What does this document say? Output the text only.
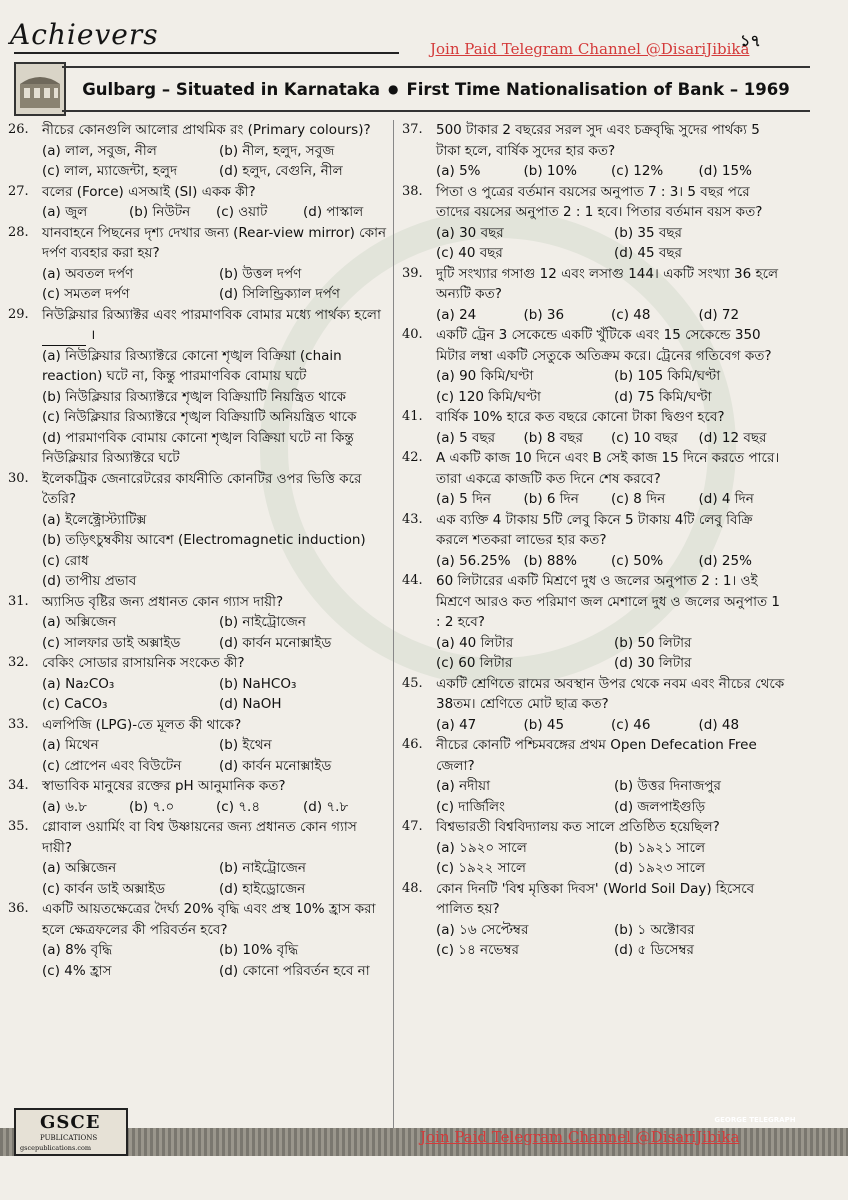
Achievers	Join Paid Telegram Channel @DisariJibika
১৭
Gulbarg – Situated in Karnataka ● First Time Nationalisation of Bank – 1969
26. নীচের কোনগুলি আলোর প্রাথমিক রং (Primary colours)?
(a) লাল, সবুজ, নীল	(b) নীল, হলুদ, সবুজ
(c) লাল, ম্যাজেন্টা, হলুদ	(d) হলুদ, বেগুনি, নীল
27. বলের (Force) এসআই (SI) একক কী?
(a) জুল	(b) নিউটন	(c) ওয়াট	(d) পাস্কাল
28. যানবাহনে পিছনের দৃশ্য দেখার জন্য (Rear-view mirror) কোন দর্পণ ব্যবহার করা হয়?
(a) অবতল দর্পণ	(b) উত্তল দর্পণ
(c) সমতল দর্পণ	(d) সিলিন্ড্রিক্যাল দর্পণ
29. নিউক্লিয়ার রিঅ্যাক্টর এবং পারমাণবিক বোমার মধ্যে পার্থক্য হলো
।
(a) নিউক্লিয়ার রিঅ্যাক্টরে কোনো শৃঙ্খল বিক্রিয়া (chain reaction) ঘটে না, কিন্তু পারমাণবিক বোমায় ঘটে
(b) নিউক্লিয়ার রিঅ্যাক্টরে শৃঙ্খল বিক্রিয়াটি নিয়ন্ত্রিত থাকে
(c) নিউক্লিয়ার রিঅ্যাক্টরে শৃঙ্খল বিক্রিয়াটি অনিয়ন্ত্রিত থাকে
(d) পারমাণবিক বোমায় কোনো শৃঙ্খল বিক্রিয়া ঘটে না কিন্তু নিউক্লিয়ার রিঅ্যাক্টরে ঘটে
30. ইলেকট্রিক জেনারেটরের কার্যনীতি কোনটির ওপর ভিত্তি করে তৈরি?
(a) ইলেক্ট্রোস্ট্যাটিক্স
(b) তড়িৎচুম্বকীয় আবেশ (Electromagnetic induction)
(c) রোধ
(d) তাপীয় প্রভাব
31. অ্যাসিড বৃষ্টির জন্য প্রধানত কোন গ্যাস দায়ী?
(a) অক্সিজেন	(b) নাইট্রোজেন
(c) সালফার ডাই অক্সাইড	(d) কার্বন মনোক্সাইড
32. বেকিং সোডার রাসায়নিক সংকেত কী?
(a) Na₂CO₃	(b) NaHCO₃
(c) CaCO₃	(d) NaOH
33. এলপিজি (LPG)-তে মূলত কী থাকে?
(a) মিথেন	(b) ইথেন
(c) প্রোপেন এবং বিউটেন	(d) কার্বন মনোক্সাইড
34. স্বাভাবিক মানুষের রক্তের pH আনুমানিক কত?
(a) ৬.৮	(b) ৭.০	(c) ৭.৪	(d) ৭.৮
35. গ্লোবাল ওয়ার্মিং বা বিশ্ব উষ্ণায়নের জন্য প্রধানত কোন গ্যাস দায়ী?
(a) অক্সিজেন	(b) নাইট্রোজেন
(c) কার্বন ডাই অক্সাইড	(d) হাইড্রোজেন
36. একটি আয়তক্ষেত্রের দৈর্ঘ্য 20% বৃদ্ধি এবং প্রস্থ 10% হ্রাস করা হলে ক্ষেত্রফলের কী পরিবর্তন হবে?
(a) 8% বৃদ্ধি	(b) 10% বৃদ্ধি
(c) 4% হ্রাস	(d) কোনো পরিবর্তন হবে না
37. 500 টাকার 2 বছরের সরল সুদ এবং চক্রবৃদ্ধি সুদের পার্থক্য 5 টাকা হলে, বার্ষিক সুদের হার কত?
(a) 5%	(b) 10%	(c) 12%	(d) 15%
38. পিতা ও পুত্রের বর্তমান বয়সের অনুপাত 7 : 3। 5 বছর পরে তাদের বয়সের অনুপাত 2 : 1 হবে। পিতার বর্তমান বয়স কত?
(a) 30 বছর	(b) 35 বছর
(c) 40 বছর	(d) 45 বছর
39. দুটি সংখ্যার গসাগু 12 এবং লসাগু 144। একটি সংখ্যা 36 হলে অন্যটি কত?
(a) 24	(b) 36	(c) 48	(d) 72
40. একটি ট্রেন 3 সেকেন্ডে একটি খুঁটিকে এবং 15 সেকেন্ডে 350 মিটার লম্বা একটি সেতুকে অতিক্রম করে। ট্রেনের গতিবেগ কত?
(a) 90 কিমি/ঘণ্টা	(b) 105 কিমি/ঘণ্টা
(c) 120 কিমি/ঘণ্টা	(d) 75 কিমি/ঘণ্টা
41. বার্ষিক 10% হারে কত বছরে কোনো টাকা দ্বিগুণ হবে?
(a) 5 বছর	(b) 8 বছর	(c) 10 বছর	(d) 12 বছর
42. A একটি কাজ 10 দিনে এবং B সেই কাজ 15 দিনে করতে পারে। তারা একত্রে কাজটি কত দিনে শেষ করবে?
(a) 5 দিন	(b) 6 দিন	(c) 8 দিন	(d) 4 দিন
43. এক ব্যক্তি 4 টাকায় 5টি লেবু কিনে 5 টাকায় 4টি লেবু বিক্রি করলে শতকরা লাভের হার কত?
(a) 56.25% (b) 88%	(c) 50%	(d) 25%
44. 60 লিটারের একটি মিশ্রণে দুধ ও জলের অনুপাত 2 : 1। ওই মিশ্রণে আরও কত পরিমাণ জল মেশালে দুধ ও জলের অনুপাত 1 : 2 হবে?
(a) 40 লিটার	(b) 50 লিটার
(c) 60 লিটার	(d) 30 লিটার
45. একটি শ্রেণিতে রামের অবস্থান উপর থেকে নবম এবং নীচের থেকে 38তম। শ্রেণিতে মোট ছাত্র কত?
(a) 47	(b) 45	(c) 46	(d) 48
46. নীচের কোনটি পশ্চিমবঙ্গের প্রথম Open Defecation Free জেলা?
(a) নদীয়া	(b) উত্তর দিনাজপুর
(c) দার্জিলিং	(d) জলপাইগুড়ি
47. বিশ্বভারতী বিশ্ববিদ্যালয় কত সালে প্রতিষ্ঠিত হয়েছিল?
(a) ১৯২০ সালে	(b) ১৯২১ সালে
(c) ১৯২২ সালে	(d) ১৯২৩ সালে
48. কোন দিনটি 'বিশ্ব মৃত্তিকা দিবস' (World Soil Day) হিসেবে পালিত হয়?
(a) ১৬ সেপ্টেম্বর	(b) ১ অক্টোবর
(c) ১৪ নভেম্বর	(d) ৫ ডিসেম্বর
GSCE
PUBLICATIONS
gscepublications.com
Join Paid Telegram Channel @DisariJibika
GEORGE TELEGRAPH
